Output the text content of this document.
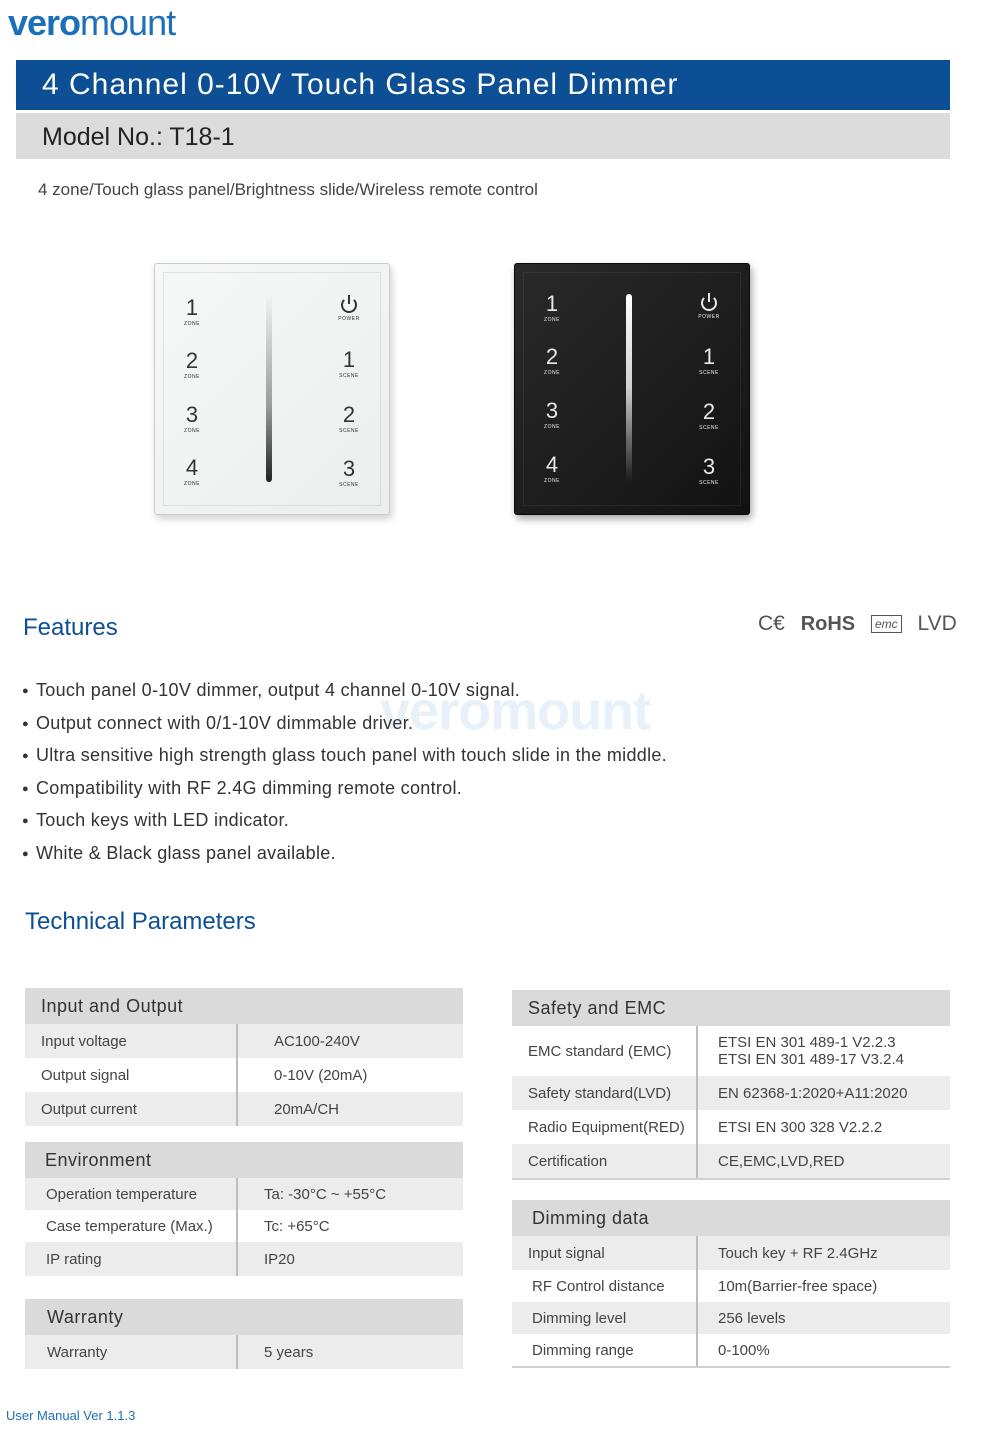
veromount
4 Channel 0-10V Touch Glass Panel Dimmer
Model No.: T18-1
4 zone/Touch glass panel/Brightness slide/Wireless remote control
1
ZONE
2
ZONE
3
ZONE
4
ZONE
POWER
1
SCENE
2
SCENE
3
SCENE
1
ZONE
2
ZONE
3
ZONE
4
ZONE
POWER
1
SCENE
2
SCENE
3
SCENE
Features	C€ RoHS emc LVD
veromount
● Touch panel 0-10V dimmer, output 4 channel 0-10V signal.
● Output connect with 0/1-10V dimmable driver.
● Ultra sensitive high strength glass touch panel with touch slide in the middle.
● Compatibility with RF 2.4G dimming remote control.
● Touch keys with LED indicator.
● White & Black glass panel available.
Technical Parameters
Input and Output
Input voltage	AC100-240V
Output signal	0-10V (20mA)
Output current	20mA/CH
Environment
Operation temperature	Ta: -30°C ~ +55°C
Case temperature (Max.)	Tc: +65°C
IP rating	IP20
Warranty
Warranty	5 years
Safety and EMC
EMC standard (EMC)	ETSI EN 301 489-1 V2.2.3
ETSI EN 301 489-17 V3.2.4
Safety standard(LVD)	EN 62368-1:2020+A11:2020
Radio Equipment(RED)	ETSI EN 300 328 V2.2.2
Certification	CE,EMC,LVD,RED
Dimming data
Input signal	Touch key + RF 2.4GHz
RF Control distance	10m(Barrier-free space)
Dimming level	256 levels
Dimming range	0-100%
User Manual Ver 1.1.3
